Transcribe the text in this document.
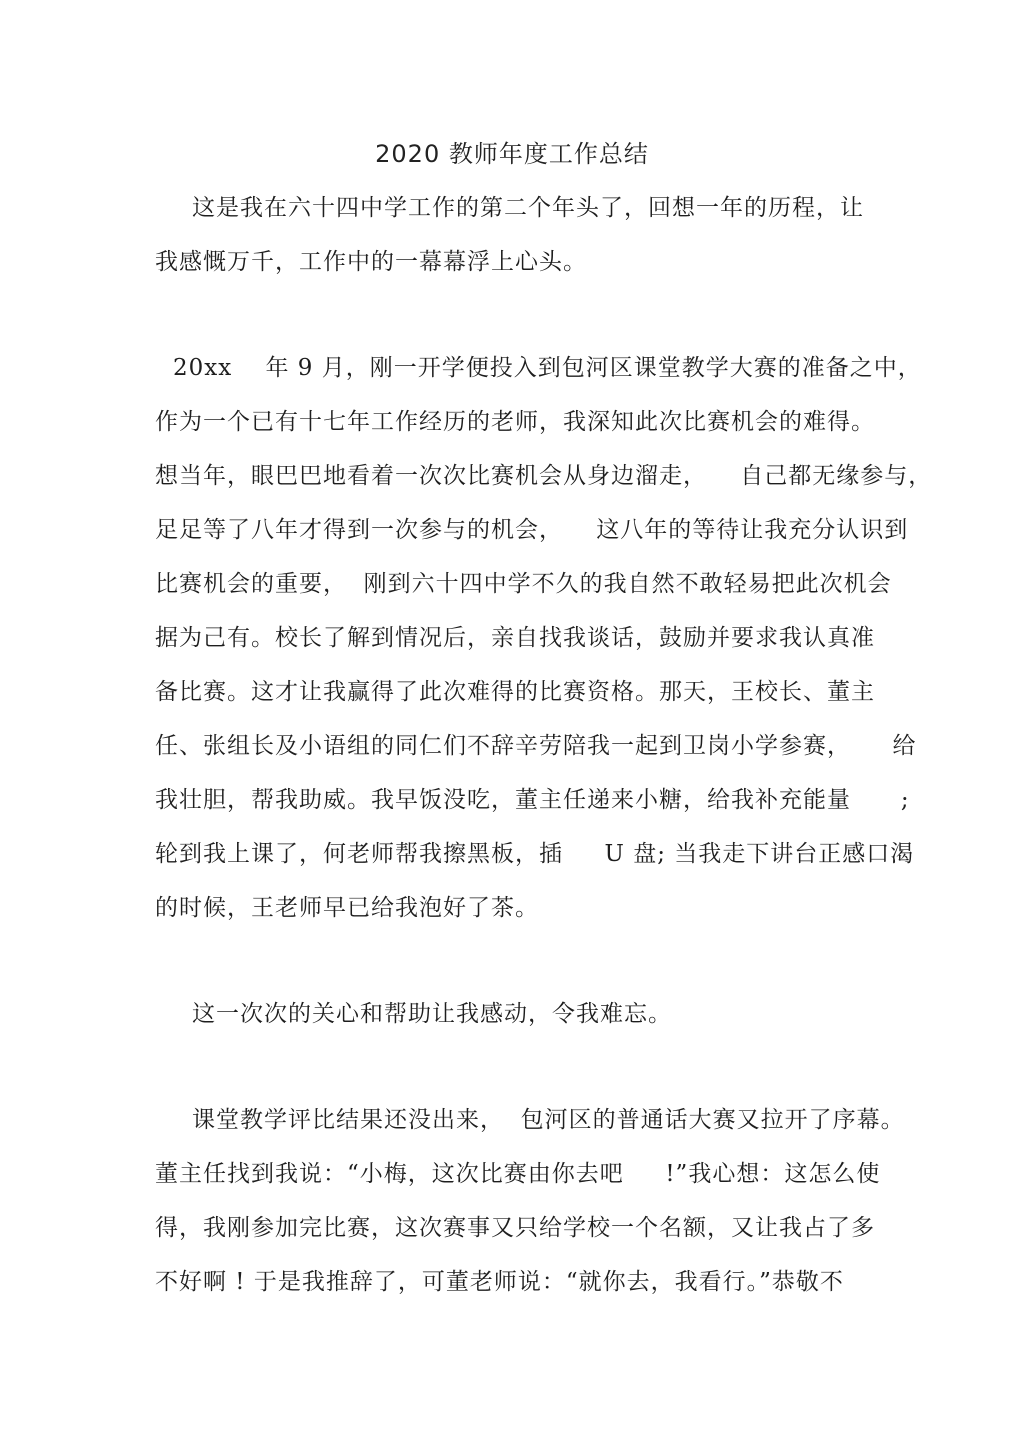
2020 教师年度工作总结
这是我在六十四中学工作的第二个年头了，回想一年的历程，让
我感慨万千，工作中的一幕幕浮上心头。
20xx    年 9 月，刚一开学便投入到包河区课堂教学大赛的准备之中，
作为一个已有十七年工作经历的老师，我深知此次比赛机会的难得。
想当年，眼巴巴地看着一次次比赛机会从身边溜走，    自己都无缘参与，
足足等了八年才得到一次参与的机会，    这八年的等待让我充分认识到
比赛机会的重要，  刚到六十四中学不久的我自然不敢轻易把此次机会
据为己有。校长了解到情况后，亲自找我谈话，鼓励并要求我认真准
备比赛。这才让我赢得了此次难得的比赛资格。那天，王校长、董主
任、张组长及小语组的同仁们不辞辛劳陪我一起到卫岗小学参赛，     给
我壮胆，帮我助威。我早饭没吃，董主任递来小糖，给我补充能量      ;
轮到我上课了，何老师帮我擦黑板，插     U 盘; 当我走下讲台正感口渴
的时候，王老师早已给我泡好了茶。
这一次次的关心和帮助让我感动，令我难忘。
课堂教学评比结果还没出来，  包河区的普通话大赛又拉开了序幕。
董主任找到我说：“小梅，这次比赛由你去吧     !”我心想：这怎么使
得，我刚参加完比赛，这次赛事又只给学校一个名额，又让我占了多
不好啊 ! 于是我推辞了，可董老师说：“就你去，我看行。”恭敬不
